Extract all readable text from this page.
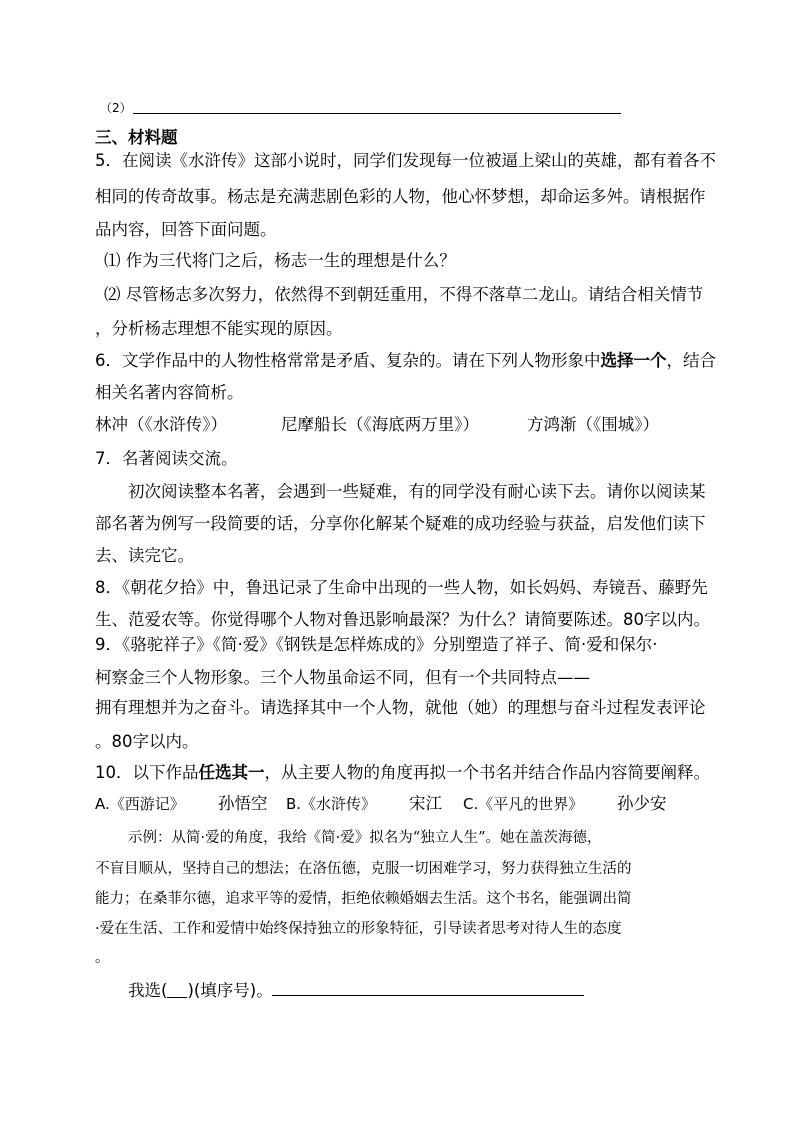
（2）
三、材料题
5．在阅读《水浒传》这部小说时，同学们发现每一位被逼上梁山的英雄，都有着各不
相同的传奇故事。杨志是充满悲剧色彩的人物，他心怀梦想，却命运多舛。请根据作
品内容，回答下面问题。
⑴ 作为三代将门之后，杨志一生的理想是什么？
⑵ 尽管杨志多次努力，依然得不到朝廷重用，不得不落草二龙山。请结合相关情节
，分析杨志理想不能实现的原因。
6．文学作品中的人物性格常常是矛盾、复杂的。请在下列人物形象中选择一个，结合
相关名著内容简析。
林冲（《水浒传》）	尼摩船长（《海底两万里》）	方鸿渐（《围城》）
7．名著阅读交流。
初次阅读整本名著，会遇到一些疑难，有的同学没有耐心读下去。请你以阅读某
部名著为例写一段简要的话，分享你化解某个疑难的成功经验与获益，启发他们读下
去、读完它。
8．《朝花夕拾》中，鲁迅记录了生命中出现的一些人物，如长妈妈、寿镜吾、藤野先
生、范爱农等。你觉得哪个人物对鲁迅影响最深？为什么？请简要陈述。80字以内。
9．《骆驼祥子》《简·爱》《钢铁是怎样炼成的》分别塑造了祥子、简·爱和保尔·
柯察金三个人物形象。三个人物虽命运不同，但有一个共同特点——
拥有理想并为之奋斗。请选择其中一个人物，就他（她）的理想与奋斗过程发表评论
。80字以内。
10．以下作品任选其一，从主要人物的角度再拟一个书名并结合作品内容简要阐释。
A.《西游记》 孙悟空 B.《水浒传》 宋江 C.《平凡的世界》 孙少安
示例：从简·爱的角度，我给《简·爱》拟名为“独立人生”。她在盖茨海德，
不盲目顺从，坚持自己的想法；在洛伍德，克服一切困难学习，努力获得独立生活的
能力；在桑菲尔德，追求平等的爱情，拒绝依赖婚姻去生活。这个书名，能强调出简
·爱在生活、工作和爱情中始终保持独立的形象特征，引导读者思考对待人生的态度
。
我选( )(填序号)。
